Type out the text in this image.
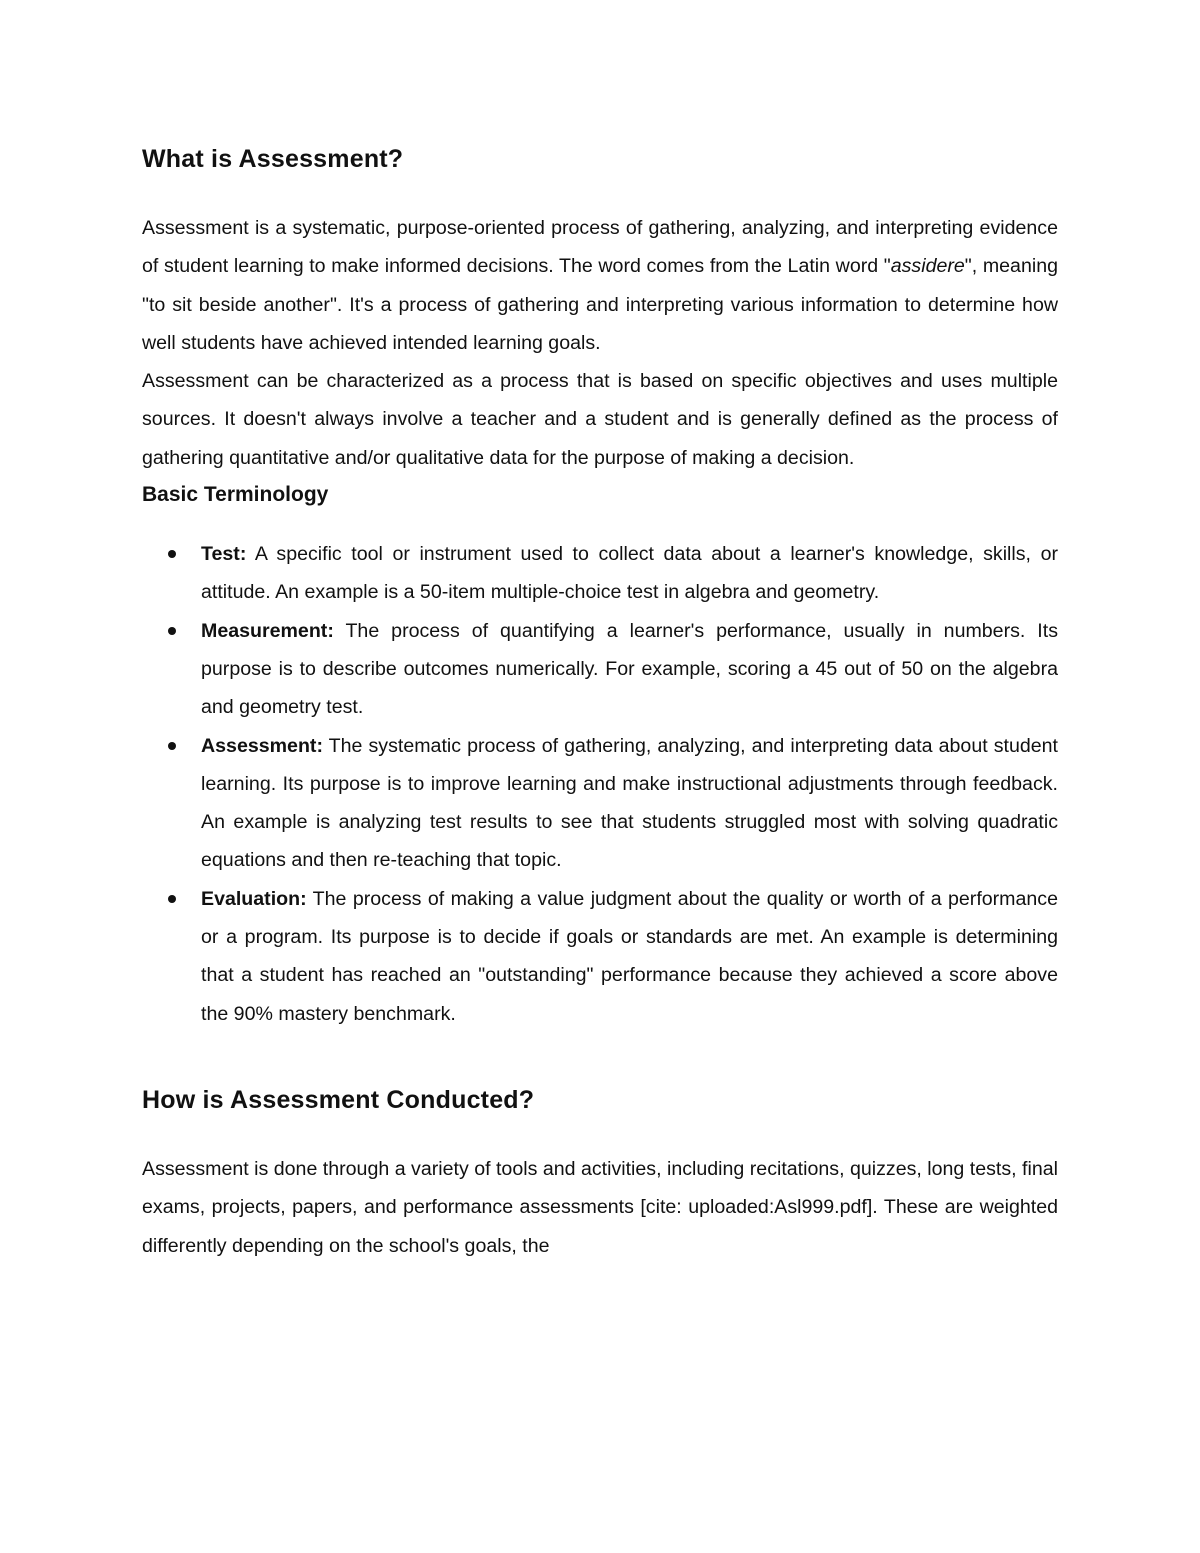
What is Assessment?

Assessment is a systematic, purpose-oriented process of gathering, analyzing, and interpreting evidence of student learning to make informed decisions. The word comes from the Latin word "assidere", meaning "to sit beside another". It's a process of gathering and interpreting various information to determine how well students have achieved intended learning goals.

Assessment can be characterized as a process that is based on specific objectives and uses multiple sources. It doesn't always involve a teacher and a student and is generally defined as the process of gathering quantitative and/or qualitative data for the purpose of making a decision.

Basic Terminology
Test: A specific tool or instrument used to collect data about a learner's knowledge, skills, or attitude. An example is a 50-item multiple-choice test in algebra and geometry.
Measurement: The process of quantifying a learner's performance, usually in numbers. Its purpose is to describe outcomes numerically. For example, scoring a 45 out of 50 on the algebra and geometry test.
Assessment: The systematic process of gathering, analyzing, and interpreting data about student learning. Its purpose is to improve learning and make instructional adjustments through feedback. An example is analyzing test results to see that students struggled most with solving quadratic equations and then re-teaching that topic.
Evaluation: The process of making a value judgment about the quality or worth of a performance or a program. Its purpose is to decide if goals or standards are met. An example is determining that a student has reached an "outstanding" performance because they achieved a score above the 90% mastery benchmark.
How is Assessment Conducted?

Assessment is done through a variety of tools and activities, including recitations, quizzes, long tests, final exams, projects, papers, and performance assessments [cite: uploaded:Asl999.pdf]. These are weighted differently depending on the school's goals, the
